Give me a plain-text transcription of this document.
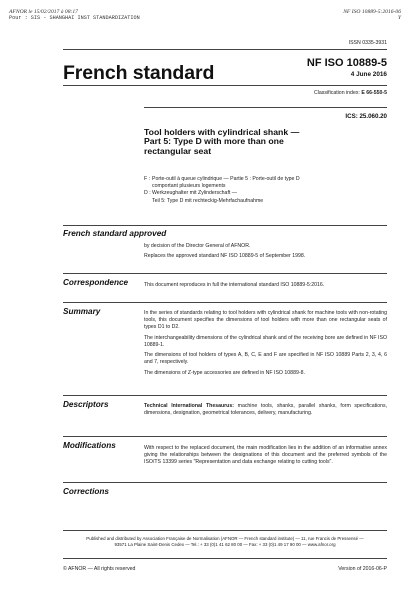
AFNOR le 15/02/2017 à 08:17
Pour : SIS - SHANGHAI INST STANDARDIZATION
NF ISO 10889-5:2016-06
Y
ISSN 0335-3931
French standard	NF ISO 10889-5
4 June 2016
Classification index: E 66-550-5
ICS: 25.060.20
Tool holders with cylindrical shank —
Part 5: Type D with more than one
rectangular seat
F : Porte-outil à queue cylindrique — Partie 5 : Porte-outil de type D
comportant plusieurs logements
D : Werkzeughalter mit Zylinderschaft —
Teil 5: Type D mit rechteckig-Mehrfachaufnahme
French standard approved

by decision of the Director General of AFNOR.

Replaces the approved standard NF ISO 10889-5 of September 1998.

Correspondence	This document reproduces in full the international standard ISO 10889-5:2016.

Summary	In the series of standards relating to tool holders with cylindrical shank for machine tools with non-rotating tools, this document specifies the dimensions of tool holders with more than one rectangular seats of types D1 to D2.

The interchangeability dimensions of the cylindrical shank and of the receiving bore are defined in NF ISO 10889-1.

The dimensions of tool holders of types A, B, C, E and F are specified in NF ISO 10889 Parts 2, 3, 4, 6 and 7, respectively.

The dimensions of Z-type accessories are defined in NF ISO 10889-8.

Descriptors	Technical International Thesaurus: machine tools, shanks, parallel shanks, form specifications, dimensions, designation, geometrical tolerances, delivery, manufacturing.

Modifications	With respect to the replaced document, the main modification lies in the addition of an informative annex giving the relationships between the designations of this document and the preferred symbols of the ISO/TS 13399 series "Representation and data exchange relating to cutting tools".

Corrections
Published and distributed by Association Française de Normalisation (AFNOR — French standard institute) — 11, rue Francis de Pressensé —
93571 La Plaine Saint-Denis Cedex — Tel.: + 33 (0)1 41 62 80 00 — Fax: + 33 (0)1 49 17 90 00 — www.afnor.org
© AFNOR — All rights reserved	Version of 2016-06-P
